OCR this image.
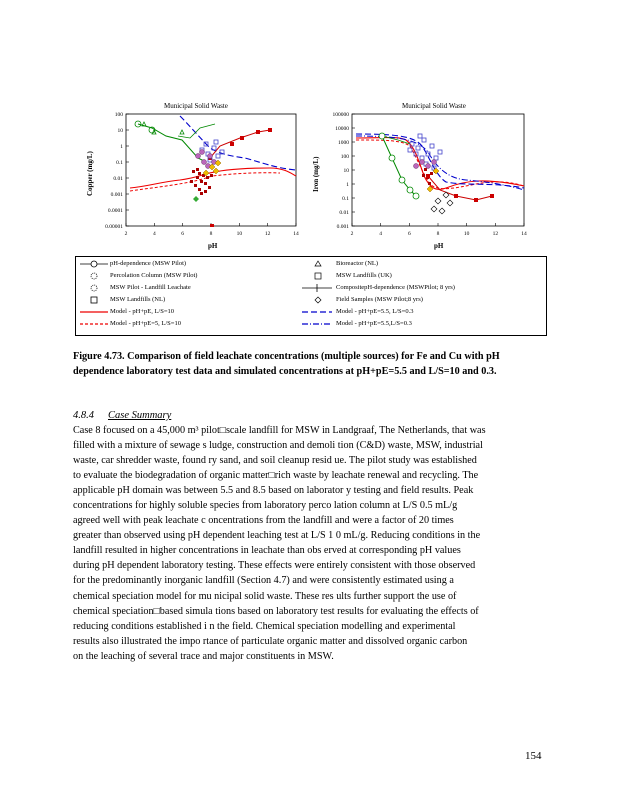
Municipal Solid Waste
Copper (mg/L)
100
10
1
0.1
0.01
0.001
0.0001
0.00001
2	4	6	8	10	12	14
pH
Municipal Solid Waste
Iron (mg/L)
100000
10000
1000
100
10
1
0.1
0.01
0.001
2	4	6	8	10	12	14
pH
pH-dependence (MSW Pilot)	Bioreactor (NL)
Percolation Column (MSW Pilot)	MSW Landfills (UK)
MSW Pilot - Landfill Leachate	CompositepH-dependence (MSWPilot; 8 yrs)
MSW Landfills (NL)	Field Samples (MSW Pilot;8 yrs)
Model - pH+pE, L/S=10	Model - pH+pE=5.5, L/S=0.3
Model - pH+pE=5, L/S=10	Model - pH+pE=5.5,L/S=0.3
Figure 4.73. Comparison of field leachate concentrations (multiple sources) for Fe and Cu with pH
dependence laboratory test data and simulated concentrations at pH+pE=5.5 and L/S=10 and 0.3.
4.8.4 Case Summary
Case 8 focused on a 45,000 m³ pilot□scale landfill for MSW in Landgraaf, The Netherlands, that was
filled with a mixture of sewage s ludge, construction and demoli tion (C&D) waste, MSW, industrial
waste, car shredder waste, found ry sand, and soil cleanup resid ue. The pilot study was established
to evaluate the biodegradation of organic matter□rich waste by leachate renewal and recycling. The
applicable pH domain was between 5.5 and 8.5 based on laborator y testing and field results. Peak
concentrations for highly soluble species from laboratory perco lation column at L/S 0.5 mL/g
agreed well with peak leachate c oncentrations from the landfill and were a factor of 20 times
greater than observed using pH dependent leaching test at L/S 1 0 mL/g. Reducing conditions in the
landfill resulted in higher concentrations in leachate than obs erved at corresponding pH values
during pH dependent laboratory testing. These effects were entirely consistent with those observed
for the predominantly inorganic landfill (Section 4.7) and were consistently estimated using a
chemical speciation model for mu nicipal solid waste. These res ults further support the use of
chemical speciation□based simula tions based on laboratory test results for evaluating the effects of
reducing conditions established i n the field. Chemical speciation modelling and experimental
results also illustrated the impo rtance of particulate organic matter and dissolved organic carbon
on the leaching of several trace and major constituents in MSW.
154
